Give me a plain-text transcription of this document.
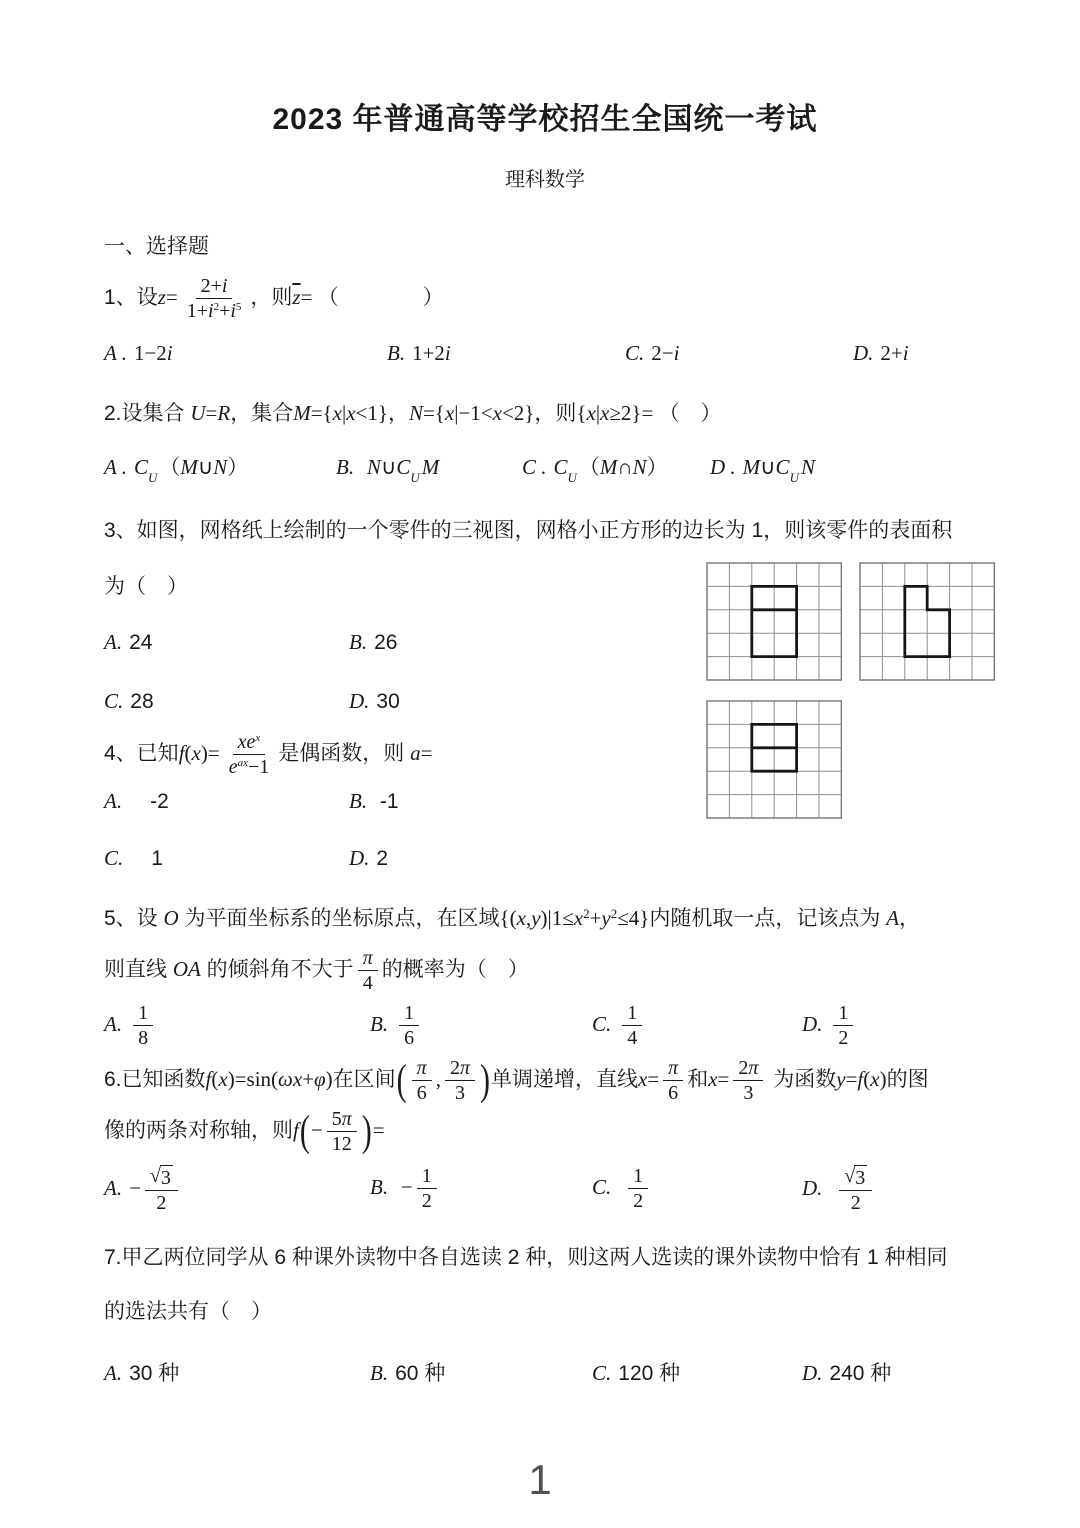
2023 年普通高等学校招生全国统一考试
理科数学
一、选择题
1、设$z= \frac{2+i}{1+i^2+i^5}$ ，则$\overline{z}=$ （　　　　）
A . 1−2i	B. 1+2i	C. 2−i	D. 2+i
2.设集合 U=R，集合M={x|x<1}，N={x|−1<x<2}，则{x|x≥2}= （　）
A . $C_U(M\cup N)$	B. $N\cup C_UM$	C . $C_U(M\cap N)$	D . $M\cup C_UN$
3、如图，网格纸上绘制的一个零件的三视图，网格小正方形的边长为 1，则该零件的表面积
为（　）
A. 24	B. 26
C. 28	D. 30
4、已知$f(x)= \frac{xe^x}{e^{ax}-1}$ 是偶函数，则 a=
A.　-2	B. -1
C.　1	D. 2
5、设 O 为平面坐标系的坐标原点，在区域$\{(x,y)|1\le x^2+y^2\le 4\}$内随机取一点，记该点为 A，
则直线 OA 的倾斜角不大于 $\frac{\pi}{4}$ 的概率为（　）
A. $\frac{1}{8}$	B. $\frac{1}{6}$	C. $\frac{1}{4}$	D. $\frac{1}{2}$
6.已知函数f(x)=sin(ωx+φ)在区间( $\frac{\pi}{6}$ , $\frac{2\pi}{3}$ )单调递增，直线$x= \frac{\pi}{6}$ 和$x= \frac{2\pi}{3}$ 为函数y=f(x)的图
像的两条对称轴，则$f(- \frac{5\pi}{12}$ )=
A. − $\frac{√ 3}{2}$	B. − $\frac{1}{2}$	C. $\frac{1}{2}$	D. $\frac{√ 3}{2}$
7.甲乙两位同学从 6 种课外读物中各自选读 2 种，则这两人选读的课外读物中恰有 1 种相同
的选法共有（　）
A. 30 种	B. 60 种	C. 120 种	D. 240 种
1
